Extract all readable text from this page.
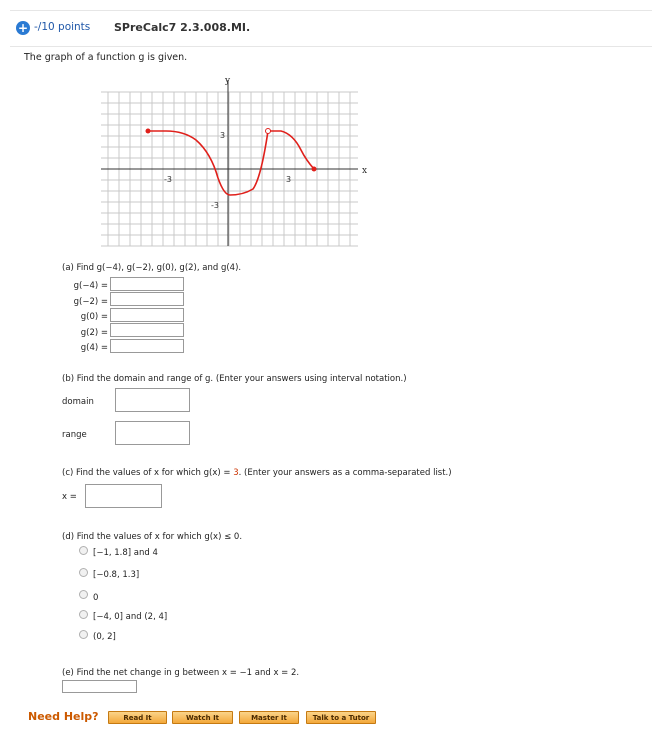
+ -/10 points SPreCalc7 2.3.008.MI.
The graph of a function g is given.
y
x
-3	3
3
-3
(a) Find g(−4), g(−2), g(0), g(2), and g(4).
g(−4) =
g(−2) =
g(0) =
g(2) =
g(4) =
(b) Find the domain and range of g. (Enter your answers using interval notation.)
domain
range
(c) Find the values of x for which g(x) = 3. (Enter your answers as a comma-separated list.)
x =
(d) Find the values of x for which g(x) ≤ 0.
[−1, 1.8] and 4
[−0.8, 1.3]
0
[−4, 0] and (2, 4]
(0, 2]
(e) Find the net change in g between x = −1 and x = 2.
Need Help?	Read It	Watch It	Master It	Talk to a Tutor
